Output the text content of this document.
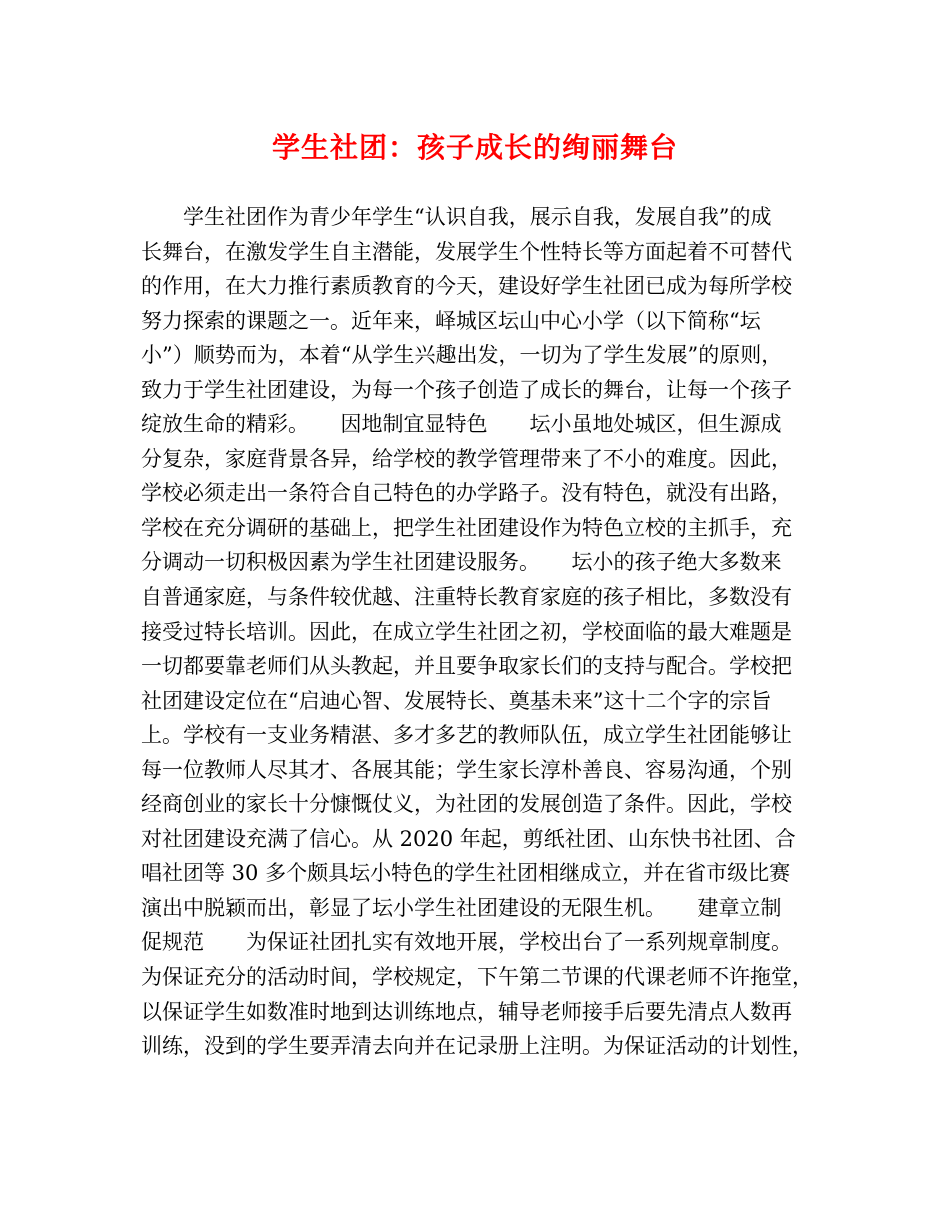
学生社团：孩子成长的绚丽舞台
　　学生社团作为青少年学生“认识自我，展示自我，发展自我”的成
长舞台，在激发学生自主潜能，发展学生个性特长等方面起着不可替代
的作用，在大力推行素质教育的今天，建设好学生社团已成为每所学校
努力探索的课题之一。近年来，峄城区坛山中心小学（以下简称“坛
小”）顺势而为，本着“从学生兴趣出发，一切为了学生发展”的原则，
致力于学生社团建设，为每一个孩子创造了成长的舞台，让每一个孩子
绽放生命的精彩。　　因地制宜显特色　　坛小虽地处城区，但生源成
分复杂，家庭背景各异，给学校的教学管理带来了不小的难度。因此，
学校必须走出一条符合自己特色的办学路子。没有特色，就没有出路，
学校在充分调研的基础上，把学生社团建设作为特色立校的主抓手，充
分调动一切积极因素为学生社团建设服务。　　坛小的孩子绝大多数来
自普通家庭，与条件较优越、注重特长教育家庭的孩子相比，多数没有
接受过特长培训。因此，在成立学生社团之初，学校面临的最大难题是
一切都要靠老师们从头教起，并且要争取家长们的支持与配合。学校把
社团建设定位在“启迪心智、发展特长、奠基未来”这十二个字的宗旨
上。学校有一支业务精湛、多才多艺的教师队伍，成立学生社团能够让
每一位教师人尽其才、各展其能；学生家长淳朴善良、容易沟通，个别
经商创业的家长十分慷慨仗义，为社团的发展创造了条件。因此，学校
对社团建设充满了信心。从 2020 年起，剪纸社团、山东快书社团、合
唱社团等 30 多个颇具坛小特色的学生社团相继成立，并在省市级比赛
演出中脱颖而出，彰显了坛小学生社团建设的无限生机。　　建章立制
促规范　　为保证社团扎实有效地开展，学校出台了一系列规章制度。
为保证充分的活动时间，学校规定，下午第二节课的代课老师不许拖堂，
以保证学生如数准时地到达训练地点，辅导老师接手后要先清点人数再
训练，没到的学生要弄清去向并在记录册上注明。为保证活动的计划性，
